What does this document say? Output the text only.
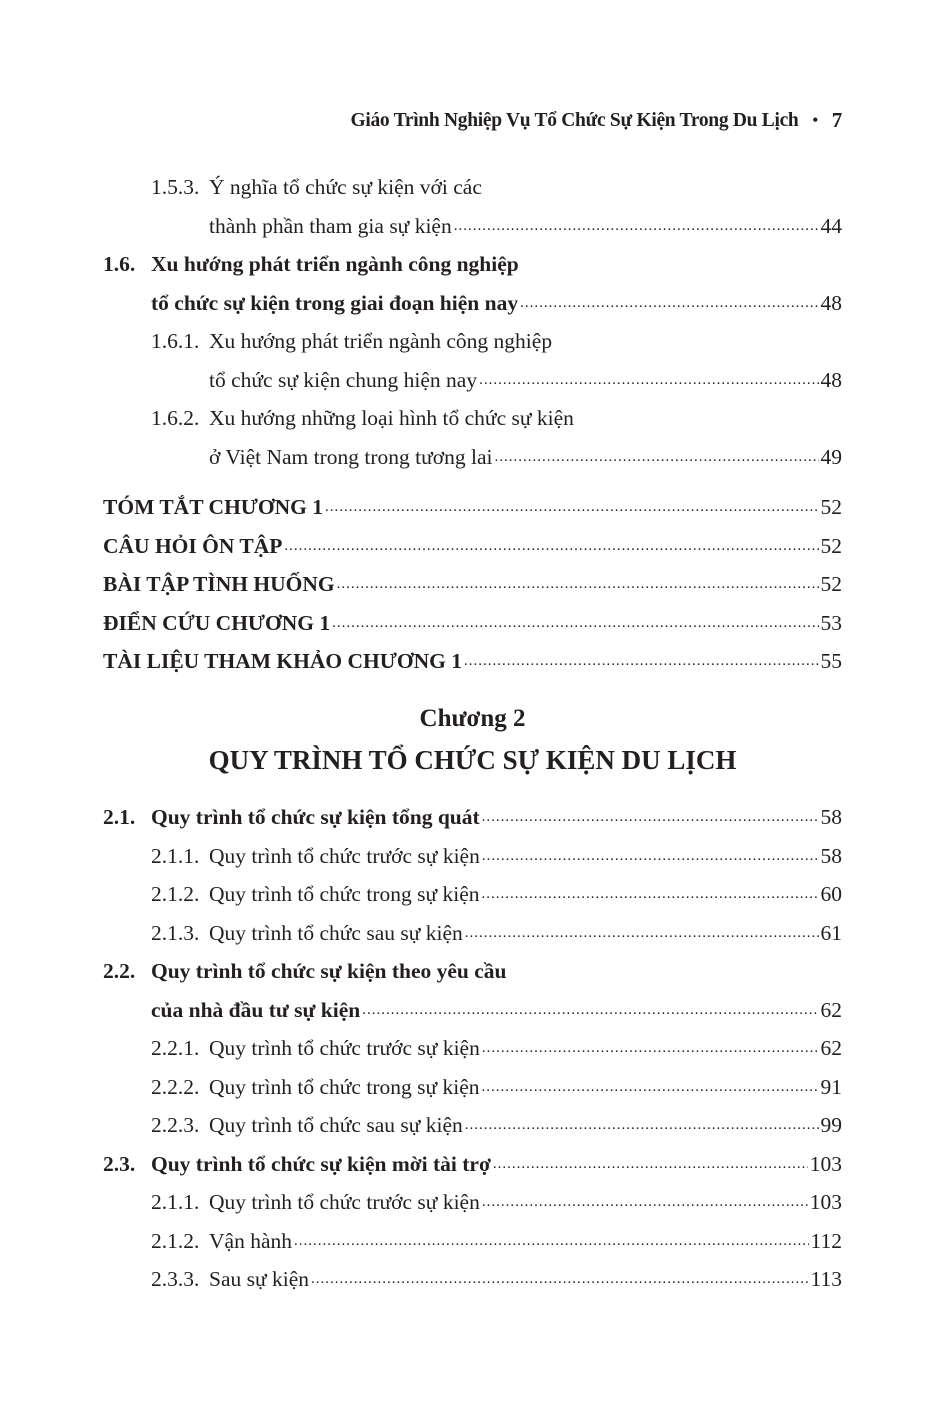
Giáo Trình Nghiệp Vụ Tổ Chức Sự Kiện Trong Du Lịch • 7
1.5.3. Ý nghĩa tổ chức sự kiện với các
thành phần tham gia sự kiện .....	44
1.6. Xu hướng phát triển ngành công nghiệp
tổ chức sự kiện trong giai đoạn hiện nay .....	48
1.6.1. Xu hướng phát triển ngành công nghiệp
tổ chức sự kiện chung hiện nay .....	48
1.6.2. Xu hướng những loại hình tổ chức sự kiện
ở Việt Nam trong trong tương lai .....	49
TÓM TẮT CHƯƠNG 1 .....	52
CÂU HỎI ÔN TẬP .....	52
BÀI TẬP TÌNH HUỐNG .....	52
ĐIỂN CỨU CHƯƠNG 1 .....	53
TÀI LIỆU THAM KHẢO CHƯƠNG 1 .....	55
Chương 2
QUY TRÌNH TỔ CHỨC SỰ KIỆN DU LỊCH
2.1. Quy trình tổ chức sự kiện tổng quát .....	58
2.1.1. Quy trình tổ chức trước sự kiện .....	58
2.1.2. Quy trình tổ chức trong sự kiện .....	60
2.1.3. Quy trình tổ chức sau sự kiện .....	61
2.2. Quy trình tổ chức sự kiện theo yêu cầu
của nhà đầu tư sự kiện .....	62
2.2.1. Quy trình tổ chức trước sự kiện .....	62
2.2.2. Quy trình tổ chức trong sự kiện .....	91
2.2.3. Quy trình tổ chức sau sự kiện .....	99
2.3. Quy trình tổ chức sự kiện mời tài trợ .....	103
2.1.1. Quy trình tổ chức trước sự kiện .....	103
2.1.2. Vận hành .....	112
2.3.3. Sau sự kiện .....	113
